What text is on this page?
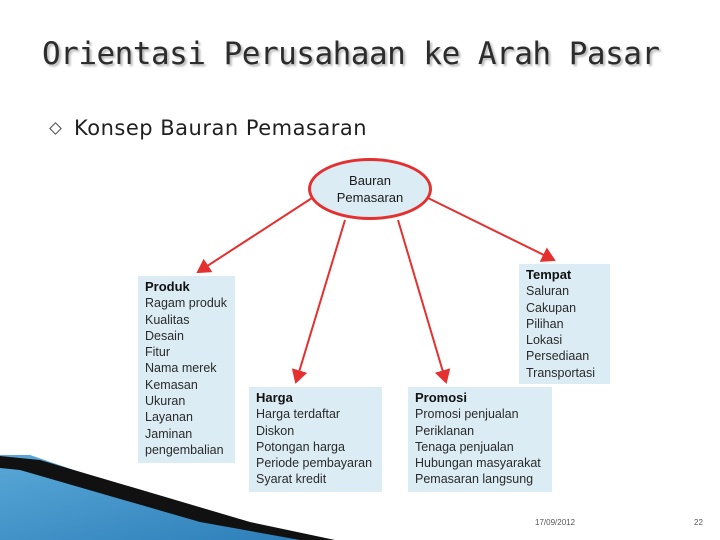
Orientasi Perusahaan ke Arah Pasar
Konsep Bauran Pemasaran
Bauran
Pemasaran
Produk
Ragam produk
Kualitas
Desain
Fitur
Nama merek
Kemasan
Ukuran
Layanan
Jaminan
pengembalian
Tempat
Saluran
Cakupan
Pilihan
Lokasi
Persediaan
Transportasi
Harga
Harga terdaftar
Diskon
Potongan harga
Periode pembayaran
Syarat kredit
Promosi
Promosi penjualan
Periklanan
Tenaga penjualan
Hubungan masyarakat
Pemasaran langsung
17/09/2012	22
